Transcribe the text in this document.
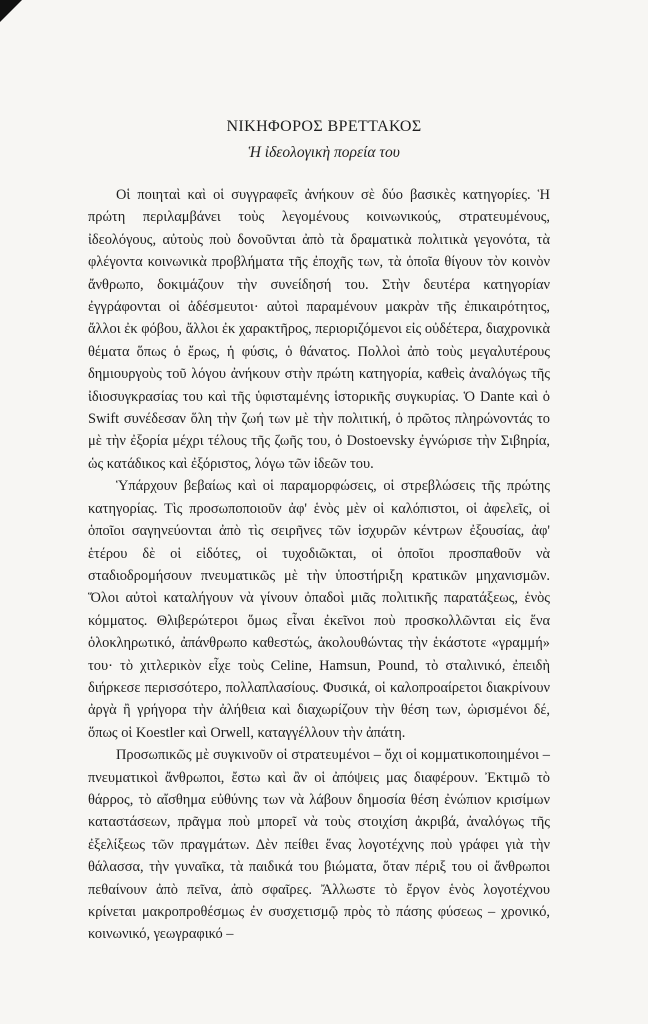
ΝΙΚΗΦΟΡΟΣ ΒΡΕΤΤΑΚΟΣ
Ἡ ἰδεολογικὴ πορεία του

Οἱ ποιηταὶ καὶ οἱ συγγραφεῖς ἀνήκουν σὲ δύο βασικὲς κατηγορίες. Ἡ πρώτη περιλαμβάνει τοὺς λεγομένους κοινωνικούς, στρατευμένους, ἰδεολόγους, αὐτοὺς ποὺ δονοῦνται ἀπὸ τὰ δραματικὰ πολιτικὰ γεγονότα, τὰ φλέγοντα κοινωνικὰ προβλήματα τῆς ἐποχῆς των, τὰ ὁποῖα θίγουν τὸν κοινὸν ἄνθρωπο, δοκιμάζουν τὴν συνείδησή του. Στὴν δευτέρα κατηγορίαν ἐγγράφονται οἱ ἀδέσμευτοι· αὐτοὶ παραμένουν μακρὰν τῆς ἐπικαιρότητος, ἄλλοι ἐκ φόβου, ἄλλοι ἐκ χαρακτῆρος, περιοριζόμενοι εἰς οὐδέτερα, διαχρονικὰ θέματα ὅπως ὁ ἔρως, ἡ φύσις, ὁ θάνατος. Πολλοὶ ἀπὸ τοὺς μεγαλυτέρους δημιουργοὺς τοῦ λόγου ἀνήκουν στὴν πρώτη κατηγορία, καθεὶς ἀναλόγως τῆς ἰδιοσυγκρασίας του καὶ τῆς ὑφισταμένης ἱστορικῆς συγκυρίας. Ὁ Dante καὶ ὁ Swift συνέδεσαν ὅλη τὴν ζωή των μὲ τὴν πολιτική, ὁ πρῶτος πληρώνοντάς το μὲ τὴν ἐξορία μέχρι τέλους τῆς ζωῆς του, ὁ Dostoevsky ἐγνώρισε τὴν Σιβηρία, ὡς κατάδικος καὶ ἐξόριστος, λόγω τῶν ἰδεῶν του.

Ὑπάρχουν βεβαίως καὶ οἱ παραμορφώσεις, οἱ στρεβλώσεις τῆς πρώτης κατηγορίας. Τὶς προσωποποιοῦν ἀφ' ἑνὸς μὲν οἱ καλόπιστοι, οἱ ἀφελεῖς, οἱ ὁποῖοι σαγηνεύονται ἀπὸ τὶς σειρῆνες τῶν ἰσχυρῶν κέντρων ἐξουσίας, ἀφ' ἑτέρου δὲ οἱ εἰδότες, οἱ τυχοδιῶκται, οἱ ὁποῖοι προσπαθοῦν νὰ σταδιοδρομήσουν πνευματικῶς μὲ τὴν ὑποστήριξη κρατικῶν μηχανισμῶν. Ὅλοι αὐτοὶ καταλήγουν νὰ γίνουν ὀπαδοὶ μιᾶς πολιτικῆς παρατάξεως, ἑνὸς κόμματος. Θλιβερώτεροι ὅμως εἶναι ἐκεῖνοι ποὺ προσκολλῶνται εἰς ἕνα ὁλοκληρωτικό, ἀπάνθρωπο καθεστώς, ἀκολουθώντας τὴν ἑκάστοτε «γραμμή» του· τὸ χιτλερικὸν εἶχε τοὺς Celine, Hamsun, Pound, τὸ σταλινικό, ἐπειδὴ διήρκεσε περισσότερο, πολλαπλασίους. Φυσικά, οἱ καλοπροαίρετοι διακρίνουν ἀργὰ ἢ γρήγορα τὴν ἀλήθεια καὶ διαχωρίζουν τὴν θέση των, ὡρισμένοι δέ, ὅπως οἱ Koestler καὶ Orwell, καταγγέλλουν τὴν ἀπάτη.

Προσωπικῶς μὲ συγκινοῦν οἱ στρατευμένοι – ὄχι οἱ κομματικοποιημένοι – πνευματικοὶ ἄνθρωποι, ἔστω καὶ ἂν οἱ ἀπόψεις μας διαφέρουν. Ἐκτιμῶ τὸ θάρρος, τὸ αἴσθημα εὐθύνης των νὰ λάβουν δημοσία θέση ἐνώπιον κρισίμων καταστάσεων, πρᾶγμα ποὺ μπορεῖ νὰ τοὺς στοιχίση ἀκριβά, ἀναλόγως τῆς ἐξελίξεως τῶν πραγμάτων. Δὲν πείθει ἕνας λογοτέχνης ποὺ γράφει γιὰ τὴν θάλασσα, τὴν γυναῖκα, τὰ παιδικά του βιώματα, ὅταν πέριξ του οἱ ἄνθρωποι πεθαίνουν ἀπὸ πεῖνα, ἀπὸ σφαῖρες. Ἄλλωστε τὸ ἔργον ἑνὸς λογοτέχνου κρίνεται μακροπροθέσμως ἐν συσχετισμῷ πρὸς τὸ πάσης φύσεως – χρονικό, κοινωνικό, γεωγραφικό –
